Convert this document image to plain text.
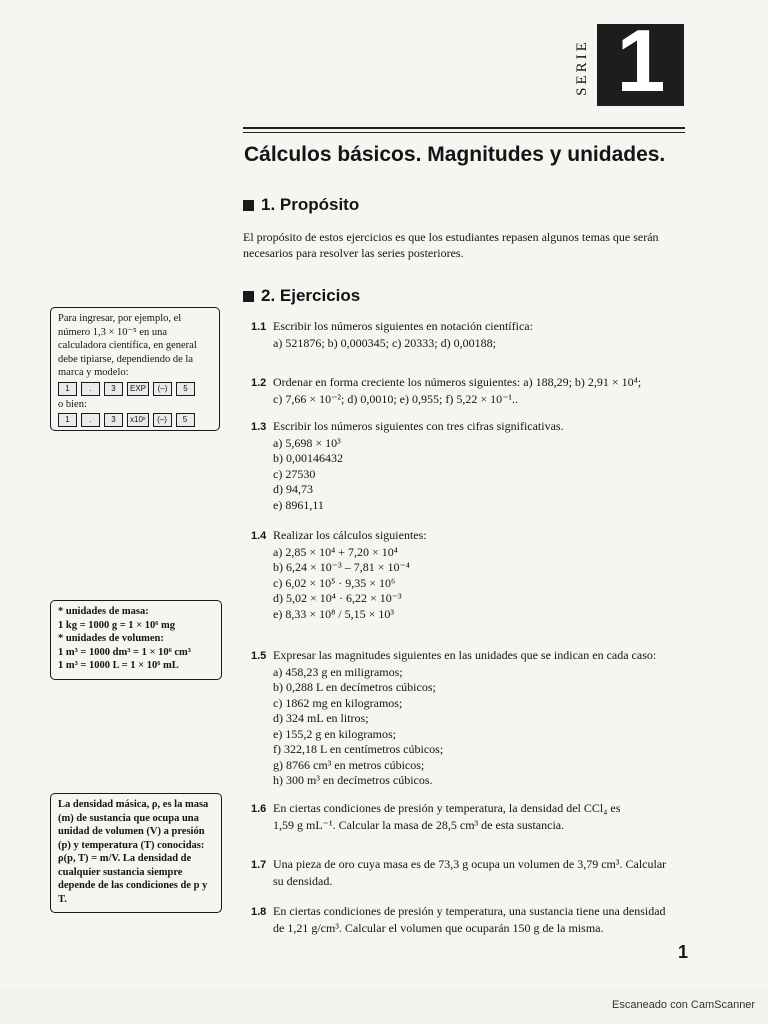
SERIE 1
Cálculos básicos. Magnitudes y unidades.
1. Propósito
El propósito de estos ejercicios es que los estudiantes repasen algunos temas que serán necesarios para resolver las series posteriores.
2. Ejercicios
1.1 Escribir los números siguientes en notación científica:
a) 521876; b) 0,000345; c) 20333; d) 0,00188;
1.2 Ordenar en forma creciente los números siguientes: a) 188,29; b) 2,91 × 10⁴;
c) 7,66 × 10⁻²; d) 0,0010; e) 0,955; f) 5,22 × 10⁻¹..
1.3 Escribir los números siguientes con tres cifras significativas.
a) 5,698 × 10³
b) 0,00146432
c) 27530
d) 94,73
e) 8961,11
1.4 Realizar los cálculos siguientes:
a) 2,85 × 10⁴ + 7,20 × 10⁴
b) 6,24 × 10⁻³ – 7,81 × 10⁻⁴
c) 6,02 × 10⁵ · 9,35 × 10⁶
d) 5,02 × 10⁴ · 6,22 × 10⁻³
e) 8,33 × 10⁸ / 5,15 × 10³
1.5 Expresar las magnitudes siguientes en las unidades que se indican en cada caso:
a) 458,23 g en miligramos;
b) 0,288 L en decímetros cúbicos;
c) 1862 mg en kilogramos;
d) 324 mL en litros;
e) 155,2 g en kilogramos;
f) 322,18 L en centímetros cúbicos;
g) 8766 cm³ en metros cúbicos;
h) 300 m³ en decímetros cúbicos.
1.6 En ciertas condiciones de presión y temperatura, la densidad del CCl₄ es
1,59 g mL⁻¹. Calcular la masa de 28,5 cm³ de esta sustancia.
1.7 Una pieza de oro cuya masa es de 73,3 g ocupa un volumen de 3,79 cm³. Calcular
su densidad.
1.8 En ciertas condiciones de presión y temperatura, una sustancia tiene una densidad
de 1,21 g/cm³. Calcular el volumen que ocuparán 150 g de la misma.
Para ingresar, por ejemplo, el número 1,3 × 10⁻⁵ en una calculadora científica, en general debe tipiarse, dependiendo de la marca y modelo:
1	.	3	EXP	(–)	5
o bien:
1	.	3	x10ˣ	(–)	5
* unidades de masa:
1 kg = 1000 g = 1 × 10⁶ mg
* unidades de volumen:
1 m³ = 1000 dm³ = 1 × 10⁶ cm³
1 m³ = 1000 L = 1 × 10⁶ mL
La densidad másica, ρ, es la masa (m) de sustancia que ocupa una unidad de volumen (V) a presión (p) y temperatura (T) conocidas: ρ(p, T) = m/V. La densidad de cualquier sustancia siempre depende de las condiciones de p y T.
1
Escaneado con CamScanner
